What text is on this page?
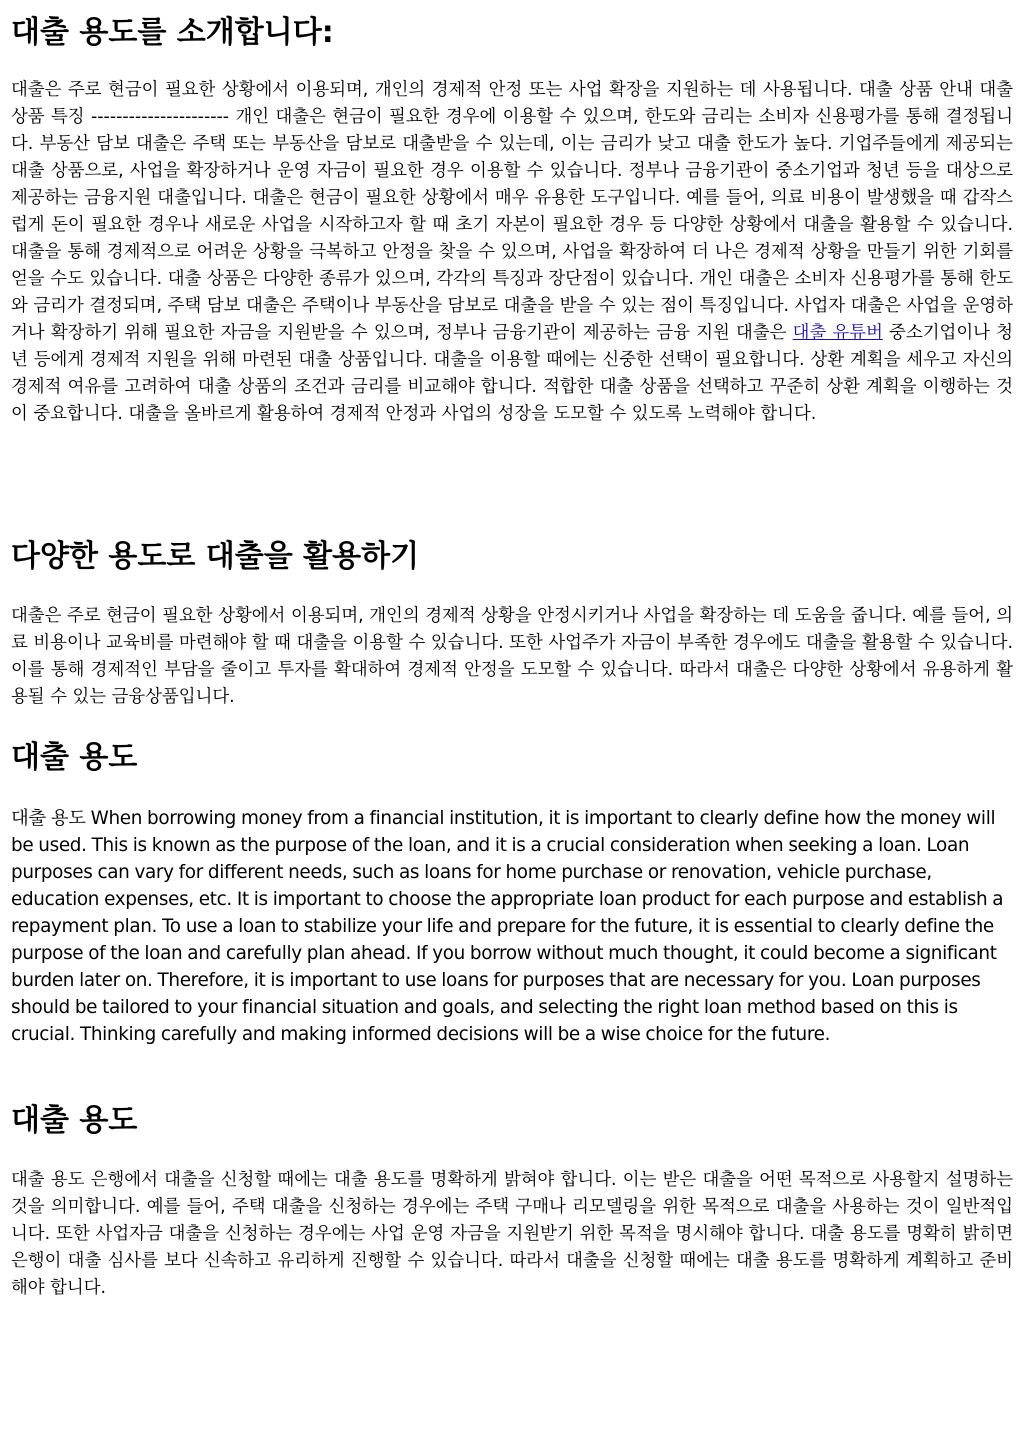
대출 용도를 소개합니다:

대출은 주로 현금이 필요한 상황에서 이용되며, 개인의 경제적 안정 또는 사업 확장을 지원하는 데 사용됩니다. 대출 상품 안내 대출 상품 특징 ---------------------- 개인 대출은 현금이 필요한 경우에 이용할 수 있으며, 한도와 금리는 소비자 신용평가를 통해 결정됩니다. 부동산 담보 대출은 주택 또는 부동산을 담보로 대출받을 수 있는데, 이는 금리가 낮고 대출 한도가 높다. 기업주들에게 제공되는 대출 상품으로, 사업을 확장하거나 운영 자금이 필요한 경우 이용할 수 있습니다. 정부나 금융기관이 중소기업과 청년 등을 대상으로 제공하는 금융지원 대출입니다. 대출은 현금이 필요한 상황에서 매우 유용한 도구입니다. 예를 들어, 의료 비용이 발생했을 때 갑작스럽게 돈이 필요한 경우나 새로운 사업을 시작하고자 할 때 초기 자본이 필요한 경우 등 다양한 상황에서 대출을 활용할 수 있습니다. 대출을 통해 경제적으로 어려운 상황을 극복하고 안정을 찾을 수 있으며, 사업을 확장하여 더 나은 경제적 상황을 만들기 위한 기회를 얻을 수도 있습니다. 대출 상품은 다양한 종류가 있으며, 각각의 특징과 장단점이 있습니다. 개인 대출은 소비자 신용평가를 통해 한도와 금리가 결정되며, 주택 담보 대출은 주택이나 부동산을 담보로 대출을 받을 수 있는 점이 특징입니다. 사업자 대출은 사업을 운영하거나 확장하기 위해 필요한 자금을 지원받을 수 있으며, 정부나 금융기관이 제공하는 금융 지원 대출은 대출 유튜버 중소기업이나 청년 등에게 경제적 지원을 위해 마련된 대출 상품입니다. 대출을 이용할 때에는 신중한 선택이 필요합니다. 상환 계획을 세우고 자신의 경제적 여유를 고려하여 대출 상품의 조건과 금리를 비교해야 합니다. 적합한 대출 상품을 선택하고 꾸준히 상환 계획을 이행하는 것이 중요합니다. 대출을 올바르게 활용하여 경제적 안정과 사업의 성장을 도모할 수 있도록 노력해야 합니다.

다양한 용도로 대출을 활용하기

대출은 주로 현금이 필요한 상황에서 이용되며, 개인의 경제적 상황을 안정시키거나 사업을 확장하는 데 도움을 줍니다. 예를 들어, 의료 비용이나 교육비를 마련해야 할 때 대출을 이용할 수 있습니다. 또한 사업주가 자금이 부족한 경우에도 대출을 활용할 수 있습니다. 이를 통해 경제적인 부담을 줄이고 투자를 확대하여 경제적 안정을 도모할 수 있습니다. 따라서 대출은 다양한 상황에서 유용하게 활용될 수 있는 금융상품입니다.

대출 용도

대출 용도 When borrowing money from a financial institution, it is important to clearly define how the money will be used. This is known as the purpose of the loan, and it is a crucial consideration when seeking a loan. Loan purposes can vary for different needs, such as loans for home purchase or renovation, vehicle purchase, education expenses, etc. It is important to choose the appropriate loan product for each purpose and establish a repayment plan. To use a loan to stabilize your life and prepare for the future, it is essential to clearly define the purpose of the loan and carefully plan ahead. If you borrow without much thought, it could become a significant burden later on. Therefore, it is important to use loans for purposes that are necessary for you. Loan purposes should be tailored to your financial situation and goals, and selecting the right loan method based on this is crucial. Thinking carefully and making informed decisions will be a wise choice for the future.

대출 용도

대출 용도 은행에서 대출을 신청할 때에는 대출 용도를 명확하게 밝혀야 합니다. 이는 받은 대출을 어떤 목적으로 사용할지 설명하는 것을 의미합니다. 예를 들어, 주택 대출을 신청하는 경우에는 주택 구매나 리모델링을 위한 목적으로 대출을 사용하는 것이 일반적입니다. 또한 사업자금 대출을 신청하는 경우에는 사업 운영 자금을 지원받기 위한 목적을 명시해야 합니다. 대출 용도를 명확히 밝히면 은행이 대출 심사를 보다 신속하고 유리하게 진행할 수 있습니다. 따라서 대출을 신청할 때에는 대출 용도를 명확하게 계획하고 준비해야 합니다.
